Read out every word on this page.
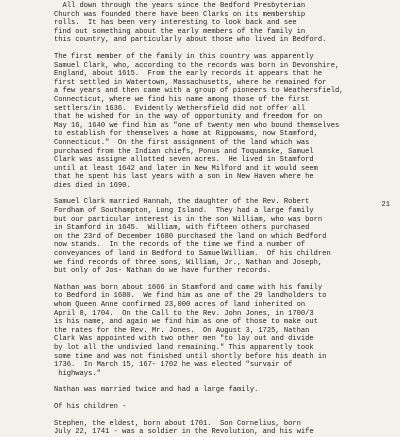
All down through the years since the Bedford Presbyterian
Church was founded there have been Clarks on its membership
rolls.  It has been very interesting to look back and see
find out something about the early members of the family in
this country, and particularly about those who lived in Bedford.
The first member of the family in this country was apparently
Samuel Clark, who, according to the records was born in Devonshire,
England, about 1615.  From the early records it appears that he
first settled in Watertown, Massachusetts, where he remained for
a few years and then came with a group of pioneers to Weathersfield,
Connecticut, where we find his name among those of the first
settlers/in 1636.  Evidently Wethersfield did not offer all
that he wished for in the way of opportunity and freedom for on
May 16, 1640 we find him as "one of twenty men who bound themselves
to establish for themselves a home at Rippowams, now Stamford,
Connecticut."  On the first assignment of the land which was
purchased from the Indian chiefs, Ponus and Toquamske, Samuel
Clark was assigne allotted seven acres.  He lived in Stamford
until at least 1642 and later in New Milford and it would seem
that he spent his last years with a son in New Haven where he
dies died in 1690.
Samuel Clark married Hannah, the daughter of the Rev. Robert
Fordham of Southampton, Long Island.  They had a large family
but our particular interest is in the son William, who was born
in Stamford in 1645.  William, with fifteen others purchased
on the 23rd of December 1680 purchased the land on which Bedford
now stands.  In the records of the time we find a number of
conveyances of land in Bedford to SamuelWilliam.  Of his children
we find records of three sons, William, Jr., Nathan and Joseph,
but only of Jos- Nathan do we have further records.
Nathan was born about 1666 in Stamford and came with his family
to Bedford in 1680.  We find him as one of the 29 landholders to
whom Queen Anne confirmed 23,000 acres of land inherited on
April 8, 1704.  On the Call to the Rev. John Jones, in 1700/3
is his name, and again we find him as one of those to make out
the rates for the Rev. Mr. Jones.  On August 3, 1725, Nathan
Clark Was appointed with two other men "to lay out and divide
by lot all the undivied land remaining." This apparently took
some time and was not finished until shortly before his death in
1736.  In March 15, 167- 1702 he was elected "survair of
highways."
Nathan was married twice and had a large family.
Of his children -
Stephen, the eldest, born about 1701.  Son Cornelius, born
July 22, 1741 - was a soldier in the Revolution, and his wife
21
